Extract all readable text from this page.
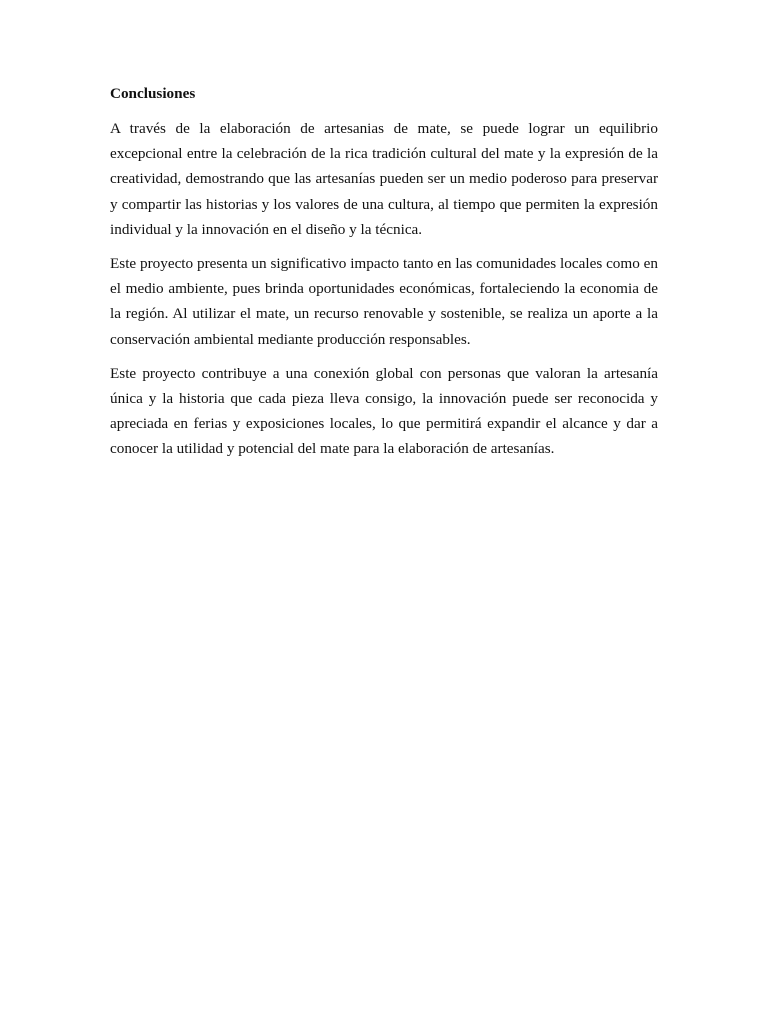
Conclusiones

A través de la elaboración de artesanias de mate, se puede lograr un equilibrio excepcional entre la celebración de la rica tradición cultural del mate y la expresión de la creatividad, demostrando que las artesanías pueden ser un medio poderoso para preservar y compartir las historias y los valores de una cultura, al tiempo que permiten la expresión individual y la innovación en el diseño y la técnica.

Este proyecto presenta un significativo impacto tanto en las comunidades locales como en el medio ambiente, pues brinda oportunidades económicas, fortaleciendo la economia de la región. Al utilizar el mate, un recurso renovable y sostenible, se realiza un aporte a la conservación ambiental mediante producción responsables.

Este proyecto contribuye a una conexión global con personas que valoran la artesanía única y la historia que cada pieza lleva consigo, la innovación puede ser reconocida y apreciada en ferias y exposiciones locales, lo que permitirá expandir el alcance y dar a conocer la utilidad y potencial del mate para la elaboración de artesanías.
